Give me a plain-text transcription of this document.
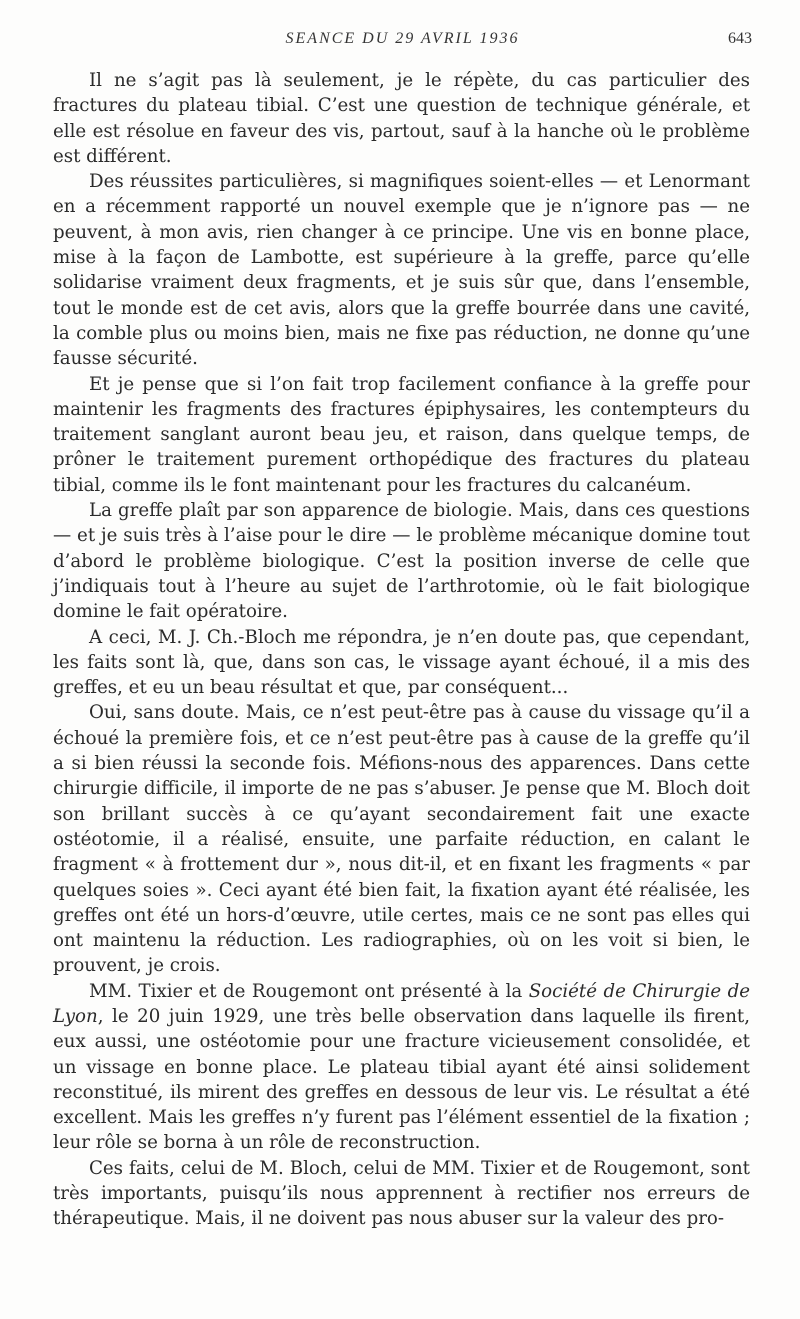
SEANCE DU 29 AVRIL 1936	643

Il ne s’agit pas là seulement, je le répète, du cas particulier des fractures du plateau tibial. C’est une question de technique générale, et elle est résolue en faveur des vis, partout, sauf à la hanche où le problème est différent.

Des réussites particulières, si magnifiques soient-elles — et Lenormant en a récemment rapporté un nouvel exemple que je n’ignore pas — ne peuvent, à mon avis, rien changer à ce principe. Une vis en bonne place, mise à la façon de Lambotte, est supérieure à la greffe, parce qu’elle solidarise vraiment deux fragments, et je suis sûr que, dans l’ensemble, tout le monde est de cet avis, alors que la greffe bourrée dans une cavité, la comble plus ou moins bien, mais ne fixe pas réduction, ne donne qu’une fausse sécurité.

Et je pense que si l’on fait trop facilement confiance à la greffe pour maintenir les fragments des fractures épiphysaires, les contempteurs du traitement sanglant auront beau jeu, et raison, dans quelque temps, de prôner le traitement purement orthopédique des fractures du plateau tibial, comme ils le font maintenant pour les fractures du calcanéum.

La greffe plaît par son apparence de biologie. Mais, dans ces questions — et je suis très à l’aise pour le dire — le problème mécanique domine tout d’abord le problème biologique. C’est la position inverse de celle que j’indiquais tout à l’heure au sujet de l’arthrotomie, où le fait biologique domine le fait opératoire.

A ceci, M. J. Ch.-Bloch me répondra, je n’en doute pas, que cependant, les faits sont là, que, dans son cas, le vissage ayant échoué, il a mis des greffes, et eu un beau résultat et que, par conséquent...

Oui, sans doute. Mais, ce n’est peut-être pas à cause du vissage qu’il a échoué la première fois, et ce n’est peut-être pas à cause de la greffe qu’il a si bien réussi la seconde fois. Méfions-nous des apparences. Dans cette chirurgie difficile, il importe de ne pas s’abuser. Je pense que M. Bloch doit son brillant succès à ce qu’ayant secondairement fait une exacte ostéotomie, il a réalisé, ensuite, une parfaite réduction, en calant le fragment « à frottement dur », nous dit-il, et en fixant les fragments « par quelques soies ». Ceci ayant été bien fait, la fixation ayant été réalisée, les greffes ont été un hors-d’œuvre, utile certes, mais ce ne sont pas elles qui ont maintenu la réduction. Les radiographies, où on les voit si bien, le prouvent, je crois.

MM. Tixier et de Rougemont ont présenté à la Société de Chirurgie de Lyon, le 20 juin 1929, une très belle observation dans laquelle ils firent, eux aussi, une ostéotomie pour une fracture vicieusement consolidée, et un vissage en bonne place. Le plateau tibial ayant été ainsi solidement reconstitué, ils mirent des greffes en dessous de leur vis. Le résultat a été excellent. Mais les greffes n’y furent pas l’élément essentiel de la fixation ; leur rôle se borna à un rôle de reconstruction.

Ces faits, celui de M. Bloch, celui de MM. Tixier et de Rougemont, sont très importants, puisqu’ils nous apprennent à rectifier nos erreurs de thérapeutique. Mais, il ne doivent pas nous abuser sur la valeur des pro-
